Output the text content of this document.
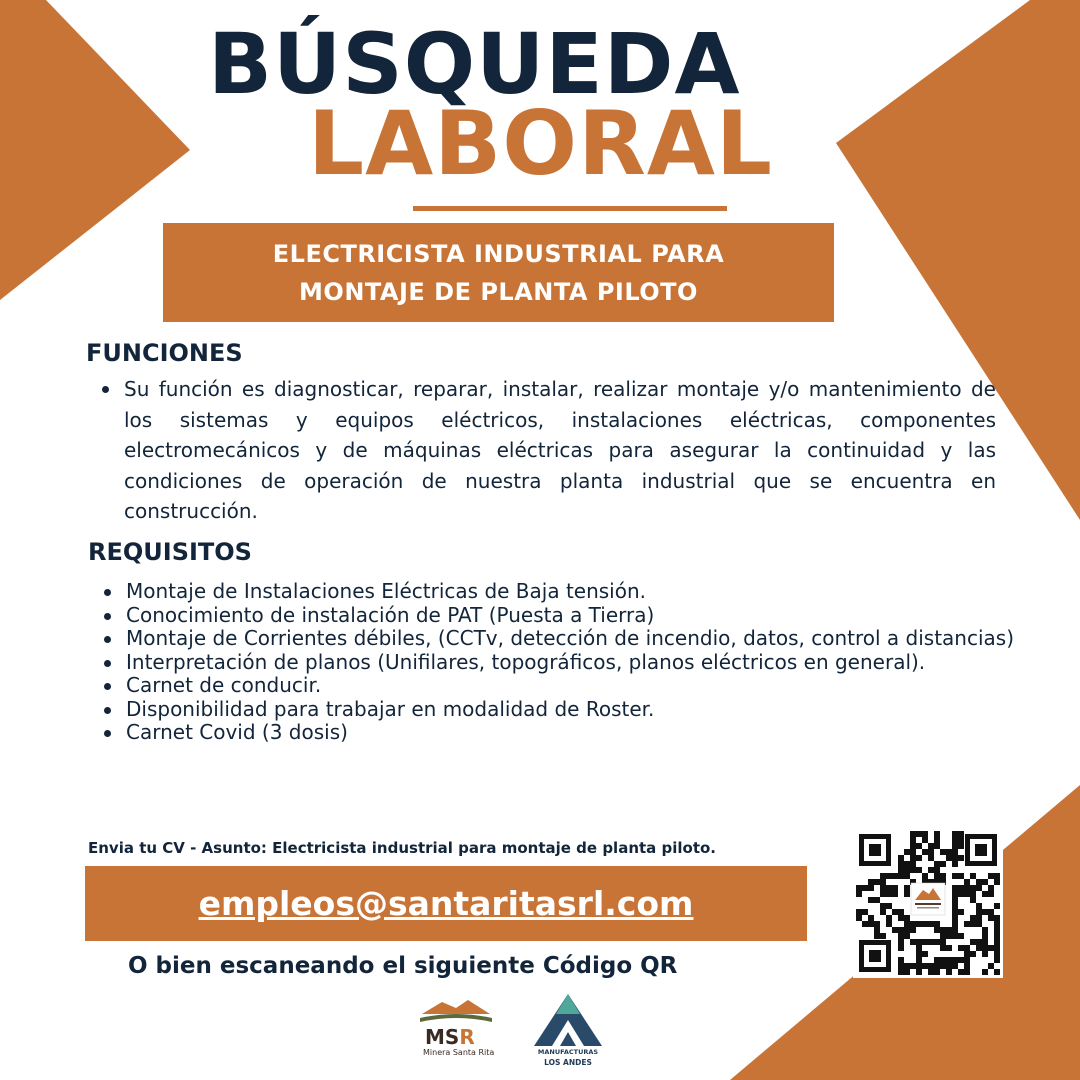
BÚSQUEDA
LABORAL
ELECTRICISTA INDUSTRIAL PARA
MONTAJE DE PLANTA PILOTO
FUNCIONES
Su función es diagnosticar, reparar, instalar, realizar montaje y/o mantenimiento de los sistemas y equipos eléctricos, instalaciones eléctricas, componentes electromecánicos y de máquinas eléctricas para asegurar la continuidad y las condiciones de operación de nuestra planta industrial que se encuentra en construcción.
REQUISITOS
Montaje de Instalaciones Eléctricas de Baja tensión.
Conocimiento de instalación de PAT (Puesta a Tierra)
Montaje de Corrientes débiles, (CCTv, detección de incendio, datos, control a distancias)
Interpretación de planos (Unifilares, topográficos, planos eléctricos en general).
Carnet de conducir.
Disponibilidad para trabajar en modalidad de Roster.
Carnet Covid (3 dosis)
Envia tu CV - Asunto: Electricista industrial para montaje de planta piloto.
empleos@santaritasrl.com
O bien escaneando el siguiente Código QR
MSR
Minera Santa Rita	MANUFACTURAS
LOS ANDES
